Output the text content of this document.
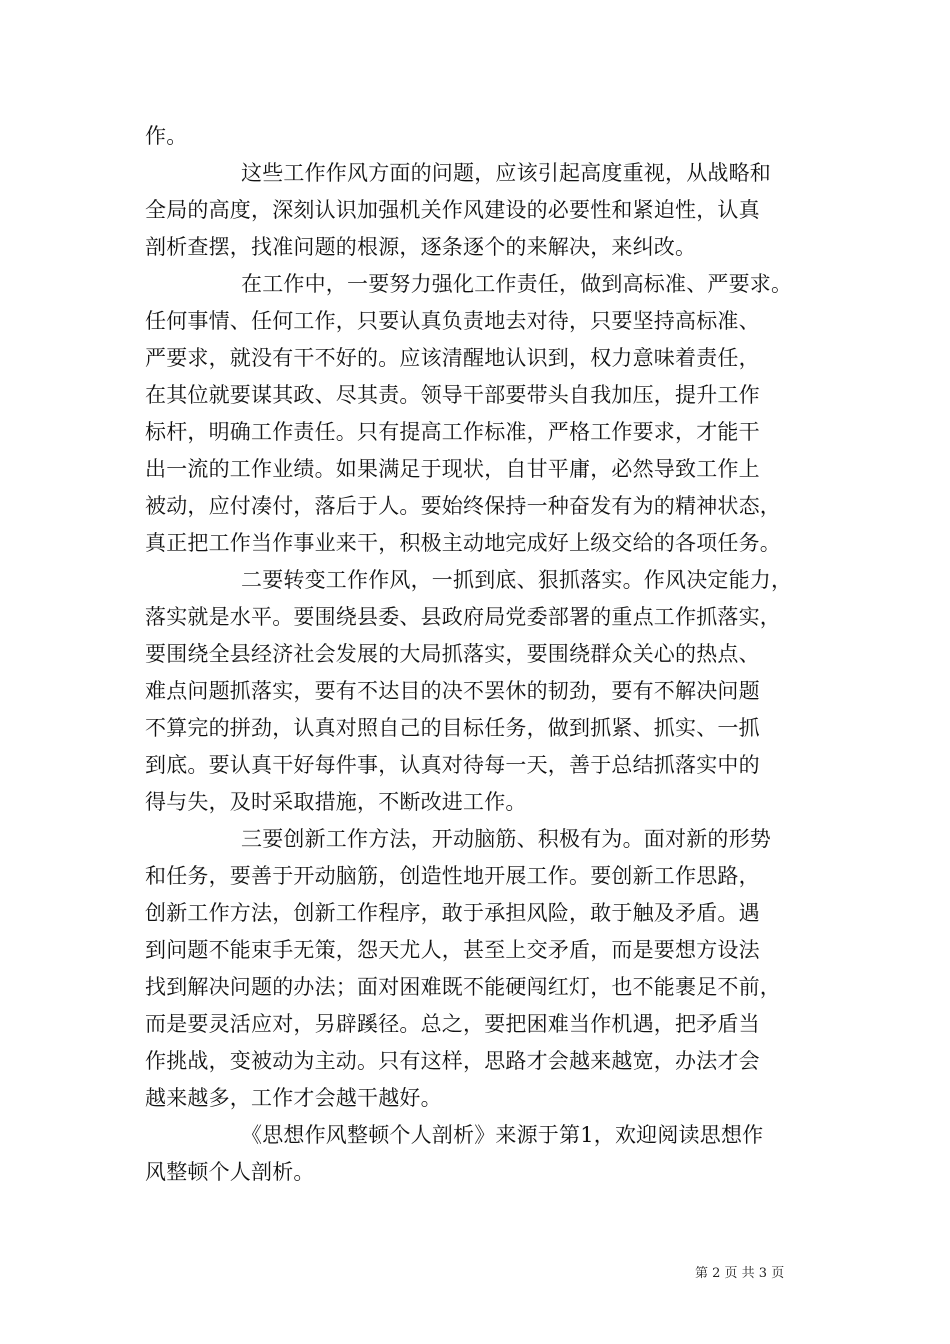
作。
这些工作作风方面的问题，应该引起高度重视，从战略和
全局的高度，深刻认识加强机关作风建设的必要性和紧迫性，认真
剖析查摆，找准问题的根源，逐条逐个的来解决，来纠改。
在工作中，一要努力强化工作责任，做到高标准、严要求。
任何事情、任何工作，只要认真负责地去对待，只要坚持高标准、
严要求，就没有干不好的。应该清醒地认识到，权力意味着责任，
在其位就要谋其政、尽其责。领导干部要带头自我加压，提升工作
标杆，明确工作责任。只有提高工作标准，严格工作要求，才能干
出一流的工作业绩。如果满足于现状，自甘平庸，必然导致工作上
被动，应付凑付，落后于人。要始终保持一种奋发有为的精神状态，
真正把工作当作事业来干，积极主动地完成好上级交给的各项任务。
二要转变工作作风，一抓到底、狠抓落实。作风决定能力，
落实就是水平。要围绕县委、县政府局党委部署的重点工作抓落实，
要围绕全县经济社会发展的大局抓落实，要围绕群众关心的热点、
难点问题抓落实，要有不达目的决不罢休的韧劲，要有不解决问题
不算完的拼劲，认真对照自己的目标任务，做到抓紧、抓实、一抓
到底。要认真干好每件事，认真对待每一天，善于总结抓落实中的
得与失，及时采取措施，不断改进工作。
三要创新工作方法，开动脑筋、积极有为。面对新的形势
和任务，要善于开动脑筋，创造性地开展工作。要创新工作思路，
创新工作方法，创新工作程序，敢于承担风险，敢于触及矛盾。遇
到问题不能束手无策，怨天尤人，甚至上交矛盾，而是要想方设法
找到解决问题的办法；面对困难既不能硬闯红灯，也不能裹足不前，
而是要灵活应对，另辟蹊径。总之，要把困难当作机遇，把矛盾当
作挑战，变被动为主动。只有这样，思路才会越来越宽，办法才会
越来越多，工作才会越干越好。
《思想作风整顿个人剖析》来源于第1，欢迎阅读思想作
风整顿个人剖析。
第 2 页 共 3 页
